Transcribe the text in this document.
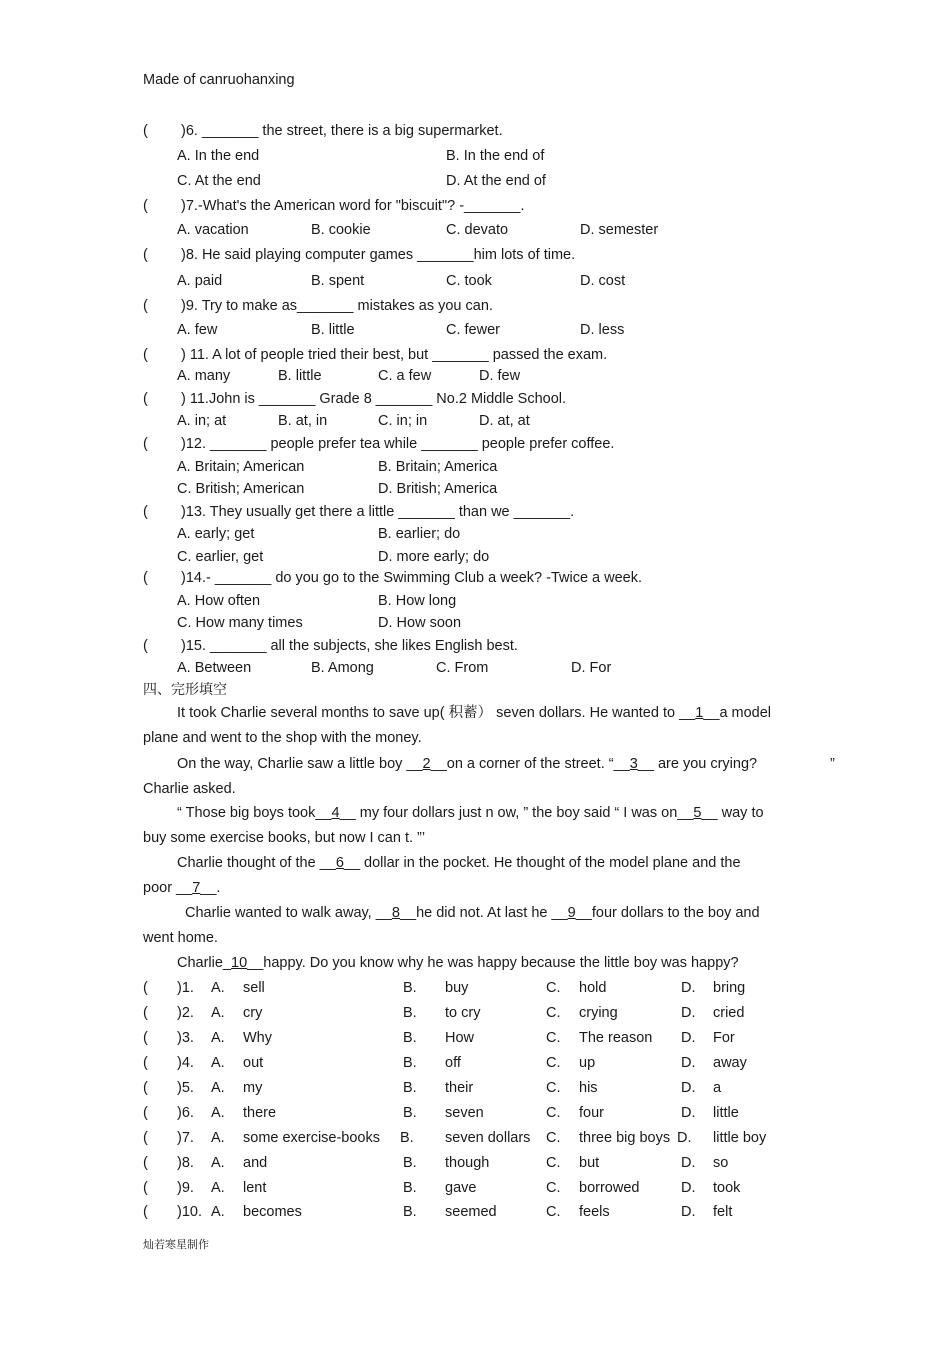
Made of canruohanxing
( )6. _______ the street, there is a big supermarket.
A. In the end	B. In the end of
C. At the end	D. At the end of
( )7.-What's the American word for "biscuit"? -_______.
A. vacation	B. cookie	C. devato	D. semester
( )8. He said playing computer games _______him lots of time.
A. paid	B. spent	C. took	D. cost
( )9. Try to make as_______ mistakes as you can.
A. few	B. little	C. fewer	D. less
( ) 11. A lot of people tried their best, but _______ passed the exam.
A. many	B. little	C. a few	D. few
( ) 11.John is _______ Grade 8 _______ No.2 Middle School.
A. in; at	B. at, in	C. in; in	D. at, at
( )12. _______ people prefer tea while _______ people prefer coffee.
A. Britain; American	B. Britain; America
C. British; American	D. British; America
( )13. They usually get there a little _______ than we _______.
A. early; get	B. earlier; do
C. earlier, get	D. more early; do
( )14.- _______ do you go to the Swimming Club a week? -Twice a week.
A. How often	B. How long
C. How many times	D. How soon
( )15. _______ all the subjects, she likes English best.
A. Between	B. Among	C. From	D. For
四、完形填空
It took Charlie several months to save up( 积蓄） seven dollars. He wanted to __1__a model
plane and went to the shop with the money.
On the way, Charlie saw a little boy __2__on a corner of the street. “__3__ are you crying?
Charlie asked.
”
“ Those big boys took__4__ my four dollars just n ow, ” the boy said “ I was on__5__ way to
buy some exercise books, but now I can t. ”’
Charlie thought of the __6__ dollar in the pocket. He thought of the model plane and the
poor __7__.
Charlie wanted to walk away, __8__he did not. At last he __9__four dollars to the boy and
went home.
Charlie_10__happy. Do you know why he was happy because the little boy was happy?
( )1. A. sell	B. buy	C. hold	D. bring
( )2. A. cry	B. to cry	C. crying	D. cried
( )3. A. Why	B. How	C. The reason D. For
( )4. A. out	B. off	C. up	D. away
( )5. A. my	B. their	C. his	D. a
( )6. A. there	B. seven	C. four	D. little
( )7. A. some exercise-books B. seven dollars C. three big boys D. little boy
( )8. A. and	B. though	C. but	D. so
( )9. A. lent	B. gave	C. borrowed	D. took
( )10. A. becomes	B. seemed	C. feels	D. felt
灿若寒星制作
